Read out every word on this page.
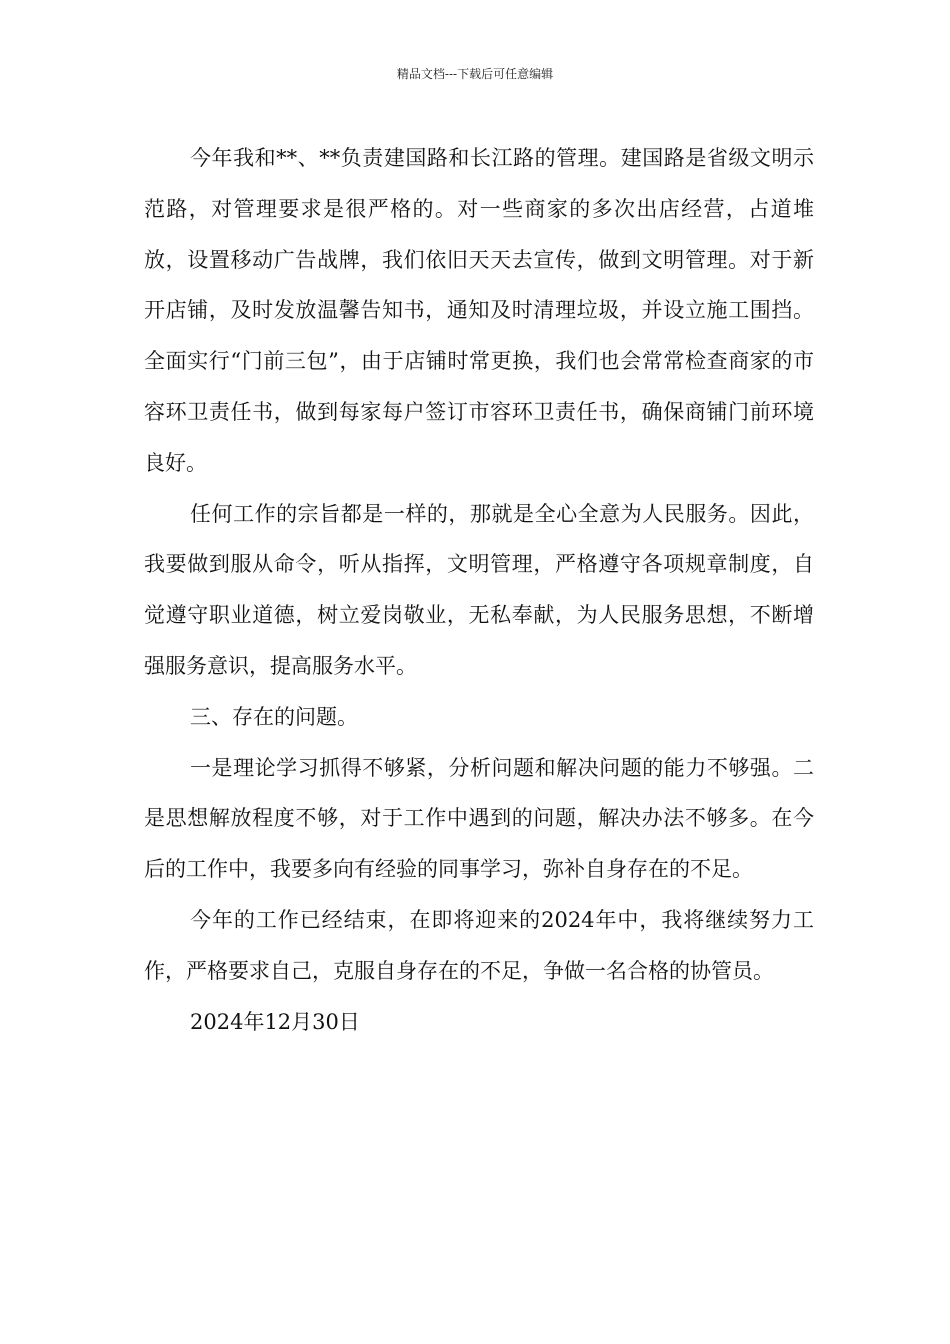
精品文档---下载后可任意编辑

今年我和**、**负责建国路和长江路的管理。建国路是省级文明示范路，对管理要求是很严格的。对一些商家的多次出店经营，占道堆放，设置移动广告战牌，我们依旧天天去宣传，做到文明管理。对于新开店铺，及时发放温馨告知书，通知及时清理垃圾，并设立施工围挡。全面实行“门前三包”，由于店铺时常更换，我们也会常常检查商家的市容环卫责任书，做到每家每户签订市容环卫责任书，确保商铺门前环境良好。

任何工作的宗旨都是一样的，那就是全心全意为人民服务。因此，我要做到服从命令，听从指挥，文明管理，严格遵守各项规章制度，自觉遵守职业道德，树立爱岗敬业，无私奉献，为人民服务思想，不断增强服务意识，提高服务水平。

三、存在的问题。

一是理论学习抓得不够紧，分析问题和解决问题的能力不够强。二是思想解放程度不够，对于工作中遇到的问题，解决办法不够多。在今后的工作中，我要多向有经验的同事学习，弥补自身存在的不足。

今年的工作已经结束，在即将迎来的2024年中，我将继续努力工作，严格要求自己，克服自身存在的不足，争做一名合格的协管员。

2024年12月30日
